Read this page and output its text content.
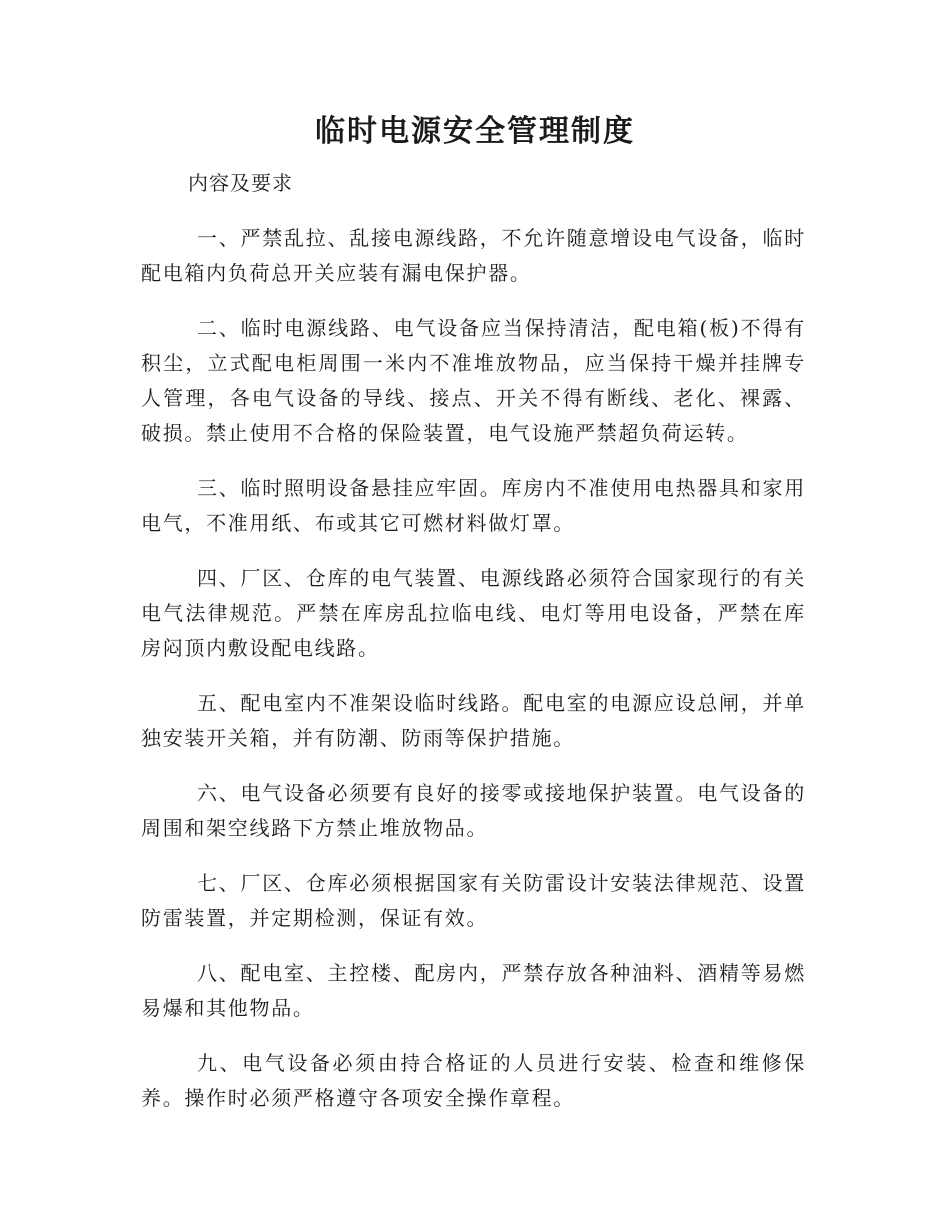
临时电源安全管理制度

内容及要求

一、严禁乱拉、乱接电源线路，不允许随意增设电气设备，临时配电箱内负荷总开关应装有漏电保护器。

二、临时电源线路、电气设备应当保持清洁，配电箱(板)不得有积尘，立式配电柜周围一米内不准堆放物品，应当保持干燥并挂牌专人管理，各电气设备的导线、接点、开关不得有断线、老化、裸露、破损。禁止使用不合格的保险装置，电气设施严禁超负荷运转。

三、临时照明设备悬挂应牢固。库房内不准使用电热器具和家用电气，不准用纸、布或其它可燃材料做灯罩。

四、厂区、仓库的电气装置、电源线路必须符合国家现行的有关电气法律规范。严禁在库房乱拉临电线、电灯等用电设备，严禁在库房闷顶内敷设配电线路。

五、配电室内不准架设临时线路。配电室的电源应设总闸，并单独安装开关箱，并有防潮、防雨等保护措施。

六、电气设备必须要有良好的接零或接地保护装置。电气设备的周围和架空线路下方禁止堆放物品。

七、厂区、仓库必须根据国家有关防雷设计安装法律规范、设置防雷装置，并定期检测，保证有效。

八、配电室、主控楼、配房内，严禁存放各种油料、酒精等易燃易爆和其他物品。

九、电气设备必须由持合格证的人员进行安装、检查和维修保养。操作时必须严格遵守各项安全操作章程。
